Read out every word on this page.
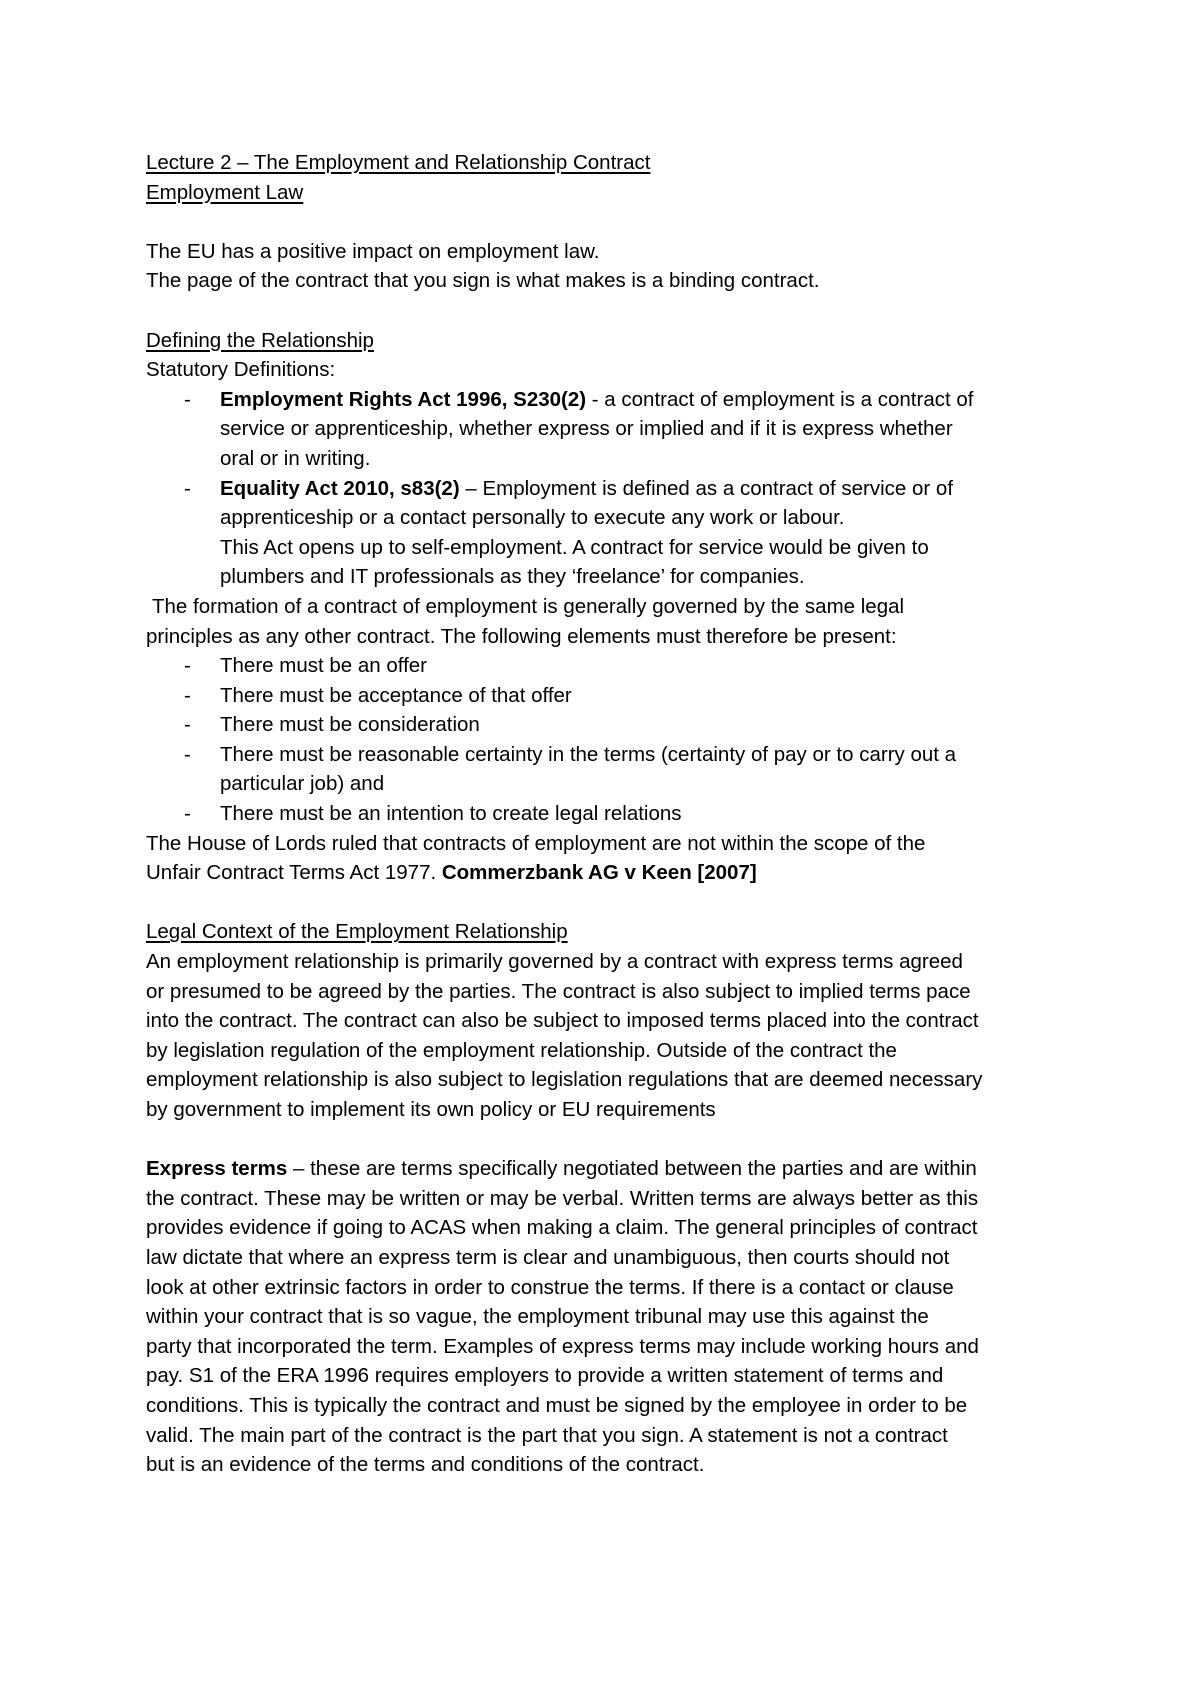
Lecture 2 – The Employment and Relationship Contract

Employment Law

The EU has a positive impact on employment law.

The page of the contract that you sign is what makes is a binding contract.

Defining the Relationship

Statutory Definitions:

- Employment Rights Act 1996, S230(2) - a contract of employment is a contract of

service or apprenticeship, whether express or implied and if it is express whether

oral or in writing.

- Equality Act 2010, s83(2) – Employment is defined as a contract of service or of

apprenticeship or a contact personally to execute any work or labour.

This Act opens up to self-employment. A contract for service would be given to

plumbers and IT professionals as they ‘freelance’ for companies.

The formation of a contract of employment is generally governed by the same legal

principles as any other contract. The following elements must therefore be present:

- There must be an offer

- There must be acceptance of that offer

- There must be consideration

- There must be reasonable certainty in the terms (certainty of pay or to carry out a

particular job) and

- There must be an intention to create legal relations

The House of Lords ruled that contracts of employment are not within the scope of the

Unfair Contract Terms Act 1977. Commerzbank AG v Keen [2007]

Legal Context of the Employment Relationship

An employment relationship is primarily governed by a contract with express terms agreed

or presumed to be agreed by the parties. The contract is also subject to implied terms pace

into the contract. The contract can also be subject to imposed terms placed into the contract

by legislation regulation of the employment relationship. Outside of the contract the

employment relationship is also subject to legislation regulations that are deemed necessary

by government to implement its own policy or EU requirements

Express terms – these are terms specifically negotiated between the parties and are within

the contract. These may be written or may be verbal. Written terms are always better as this

provides evidence if going to ACAS when making a claim. The general principles of contract

law dictate that where an express term is clear and unambiguous, then courts should not

look at other extrinsic factors in order to construe the terms. If there is a contact or clause

within your contract that is so vague, the employment tribunal may use this against the

party that incorporated the term. Examples of express terms may include working hours and

pay. S1 of the ERA 1996 requires employers to provide a written statement of terms and

conditions. This is typically the contract and must be signed by the employee in order to be

valid. The main part of the contract is the part that you sign. A statement is not a contract

but is an evidence of the terms and conditions of the contract.
